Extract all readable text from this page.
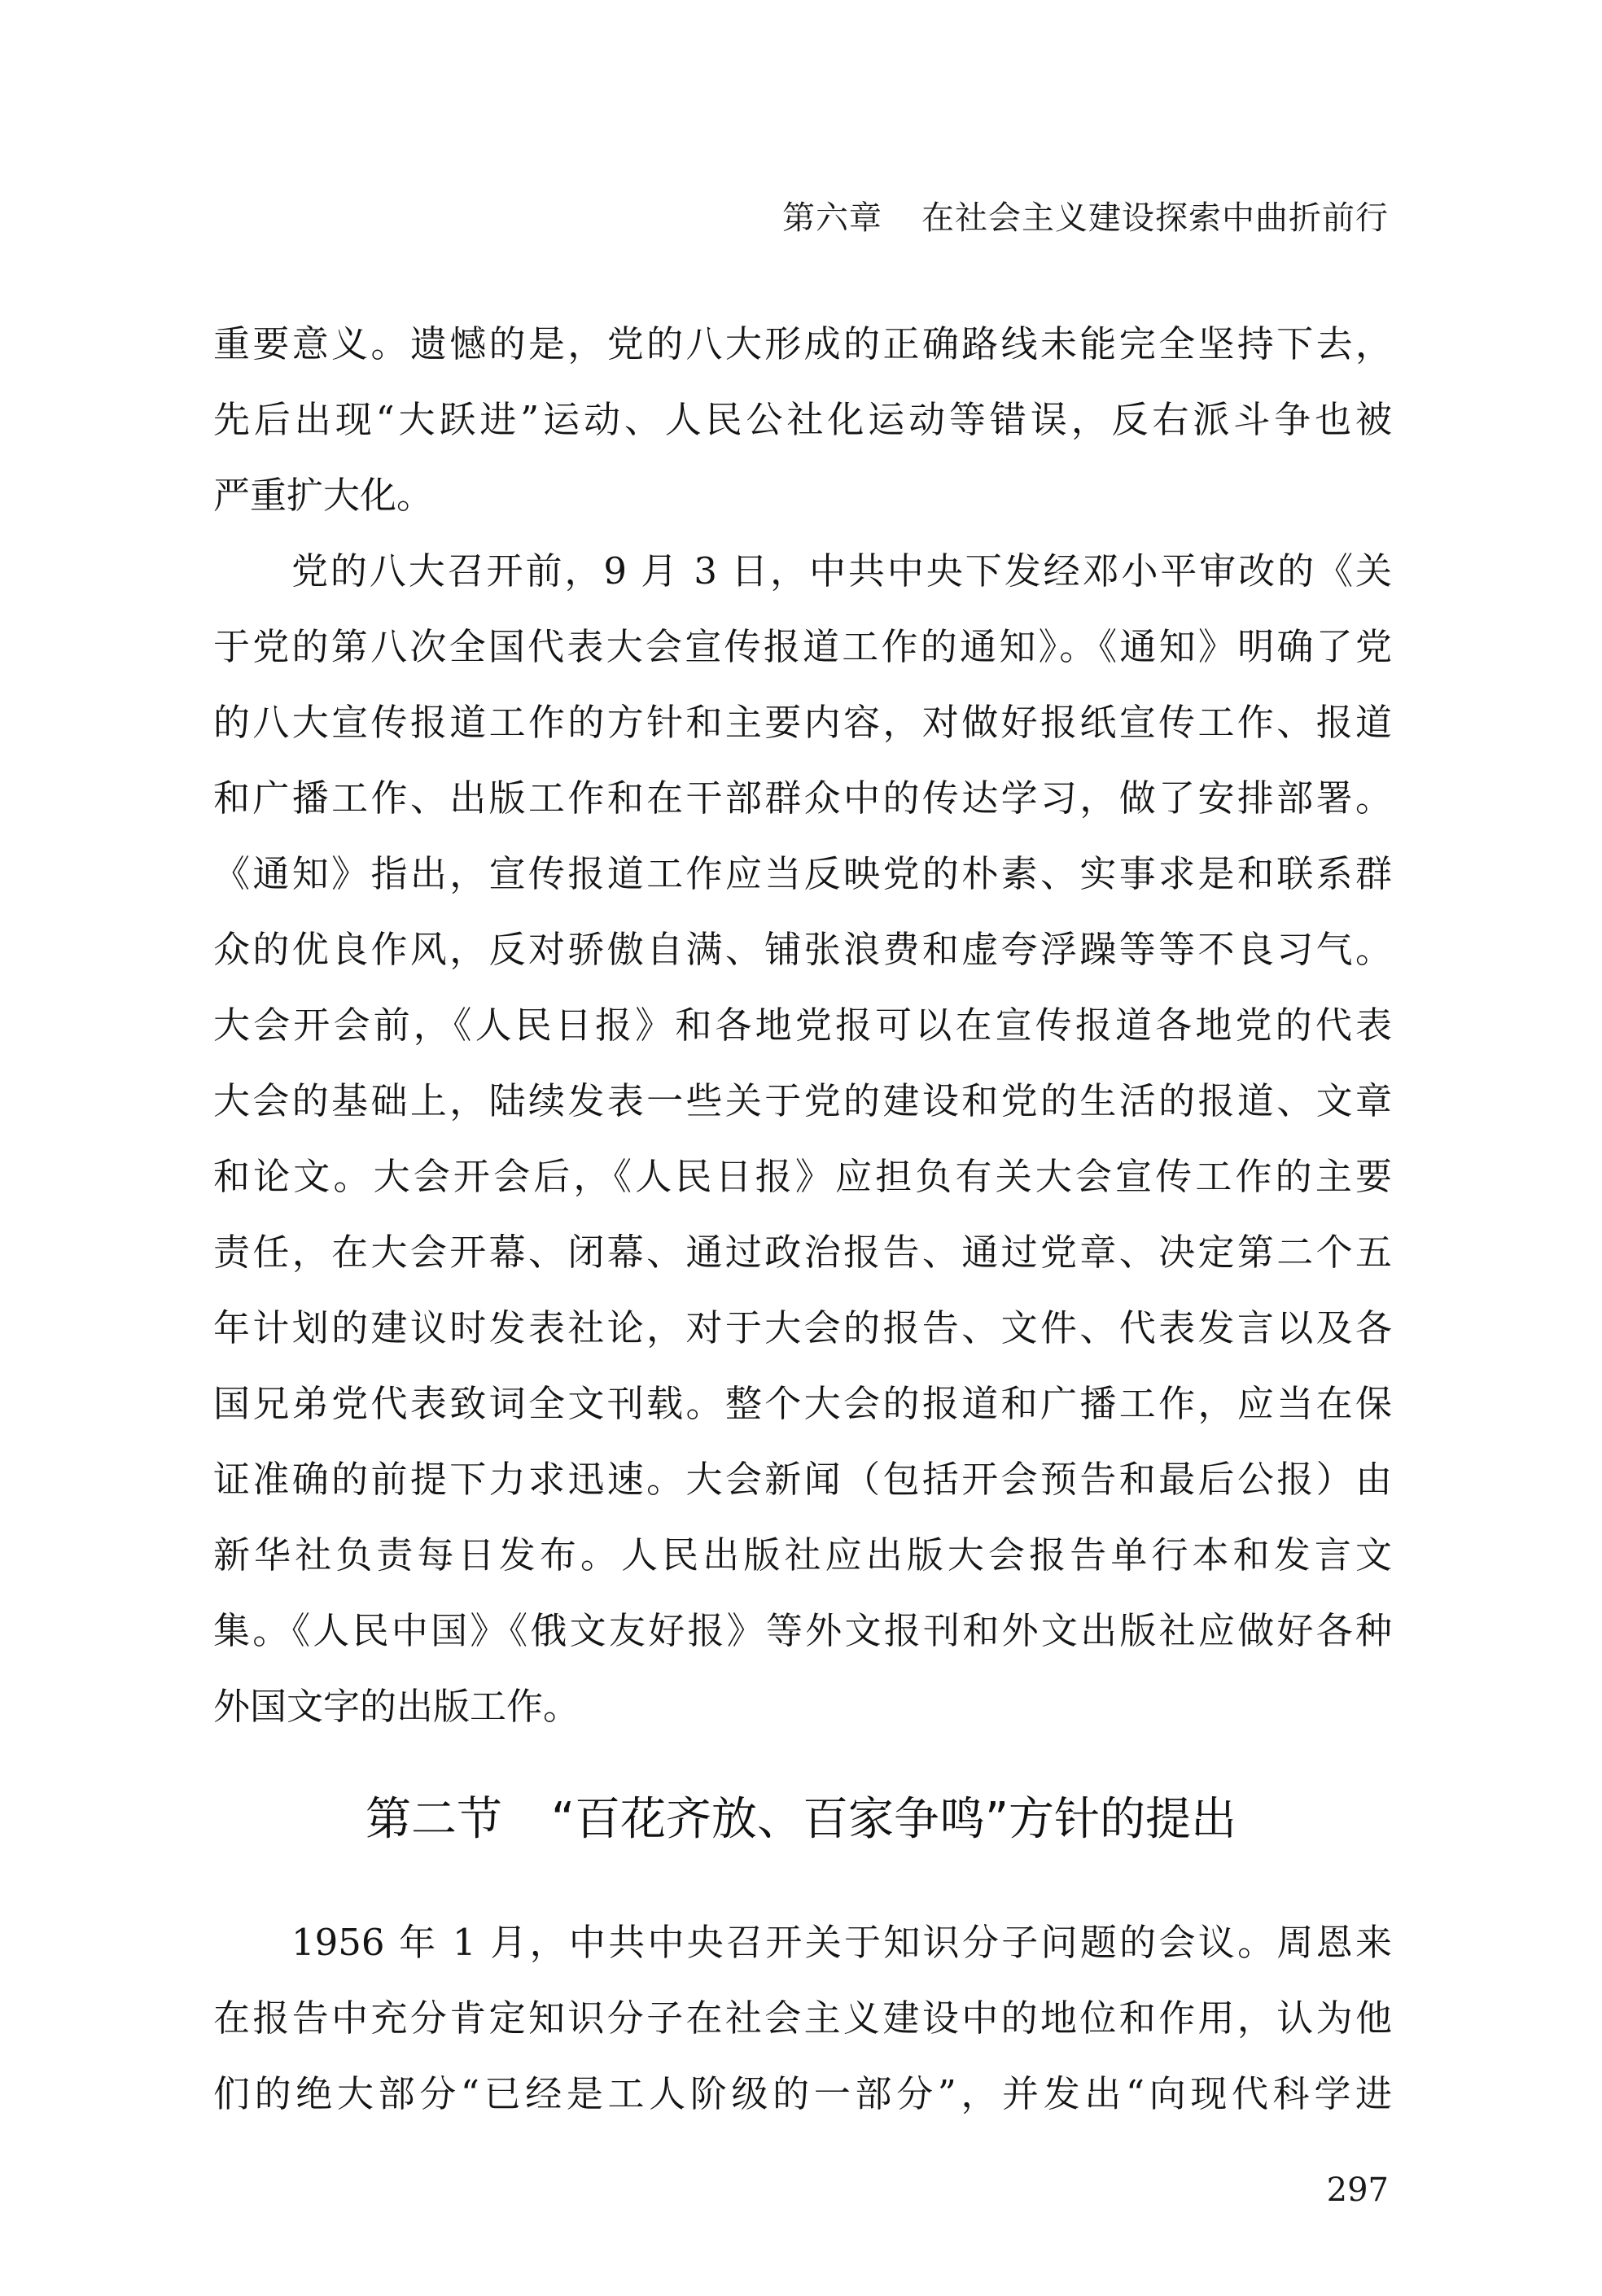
第六章 在社会主义建设探索中曲折前行
重要意义。遗憾的是，党的八大形成的正确路线未能完全坚持下去，
先后出现“大跃进”运动、人民公社化运动等错误，反右派斗争也被
严重扩大化。
党的八大召开前，9 月 3 日，中共中央下发经邓小平审改的《关
于党的第八次全国代表大会宣传报道工作的通知》。《通知》明确了党
的八大宣传报道工作的方针和主要内容，对做好报纸宣传工作、报道
和广播工作、出版工作和在干部群众中的传达学习，做了安排部署。
《通知》指出，宣传报道工作应当反映党的朴素、实事求是和联系群
众的优良作风，反对骄傲自满、铺张浪费和虚夸浮躁等等不良习气。
大会开会前，《人民日报》和各地党报可以在宣传报道各地党的代表
大会的基础上，陆续发表一些关于党的建设和党的生活的报道、文章
和论文。大会开会后，《人民日报》应担负有关大会宣传工作的主要
责任，在大会开幕、闭幕、通过政治报告、通过党章、决定第二个五
年计划的建议时发表社论，对于大会的报告、文件、代表发言以及各
国兄弟党代表致词全文刊载。整个大会的报道和广播工作，应当在保
证准确的前提下力求迅速。大会新闻（包括开会预告和最后公报）由
新华社负责每日发布。人民出版社应出版大会报告单行本和发言文
集。《人民中国》《俄文友好报》等外文报刊和外文出版社应做好各种
外国文字的出版工作。
第二节 “百花齐放、百家争鸣”方针的提出
1956 年 1 月，中共中央召开关于知识分子问题的会议。周恩来
在报告中充分肯定知识分子在社会主义建设中的地位和作用，认为他
们的绝大部分“已经是工人阶级的一部分”，并发出“向现代科学进
297
